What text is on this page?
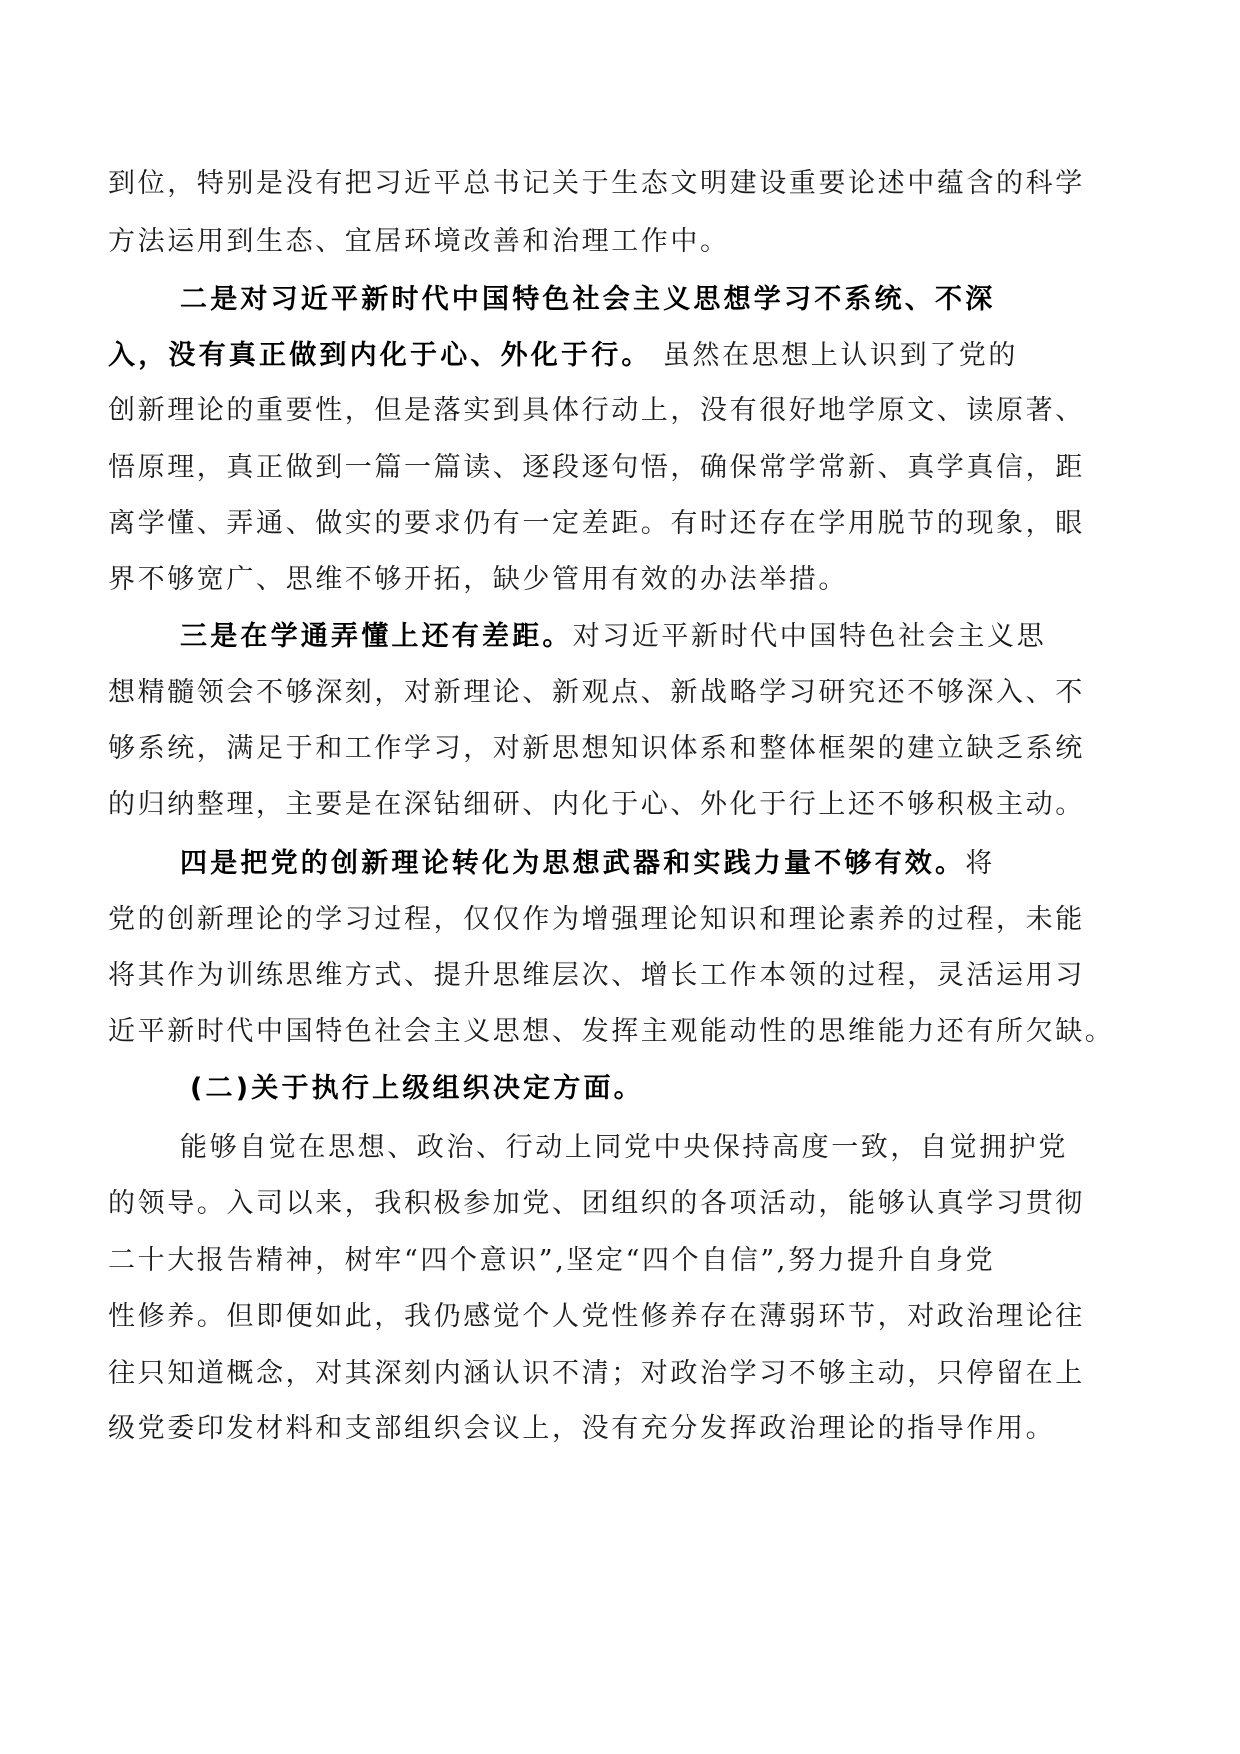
到位，特别是没有把习近平总书记关于生态文明建设重要论述中蕴含的科学
方法运用到生态、宜居环境改善和治理工作中。
二是对习近平新时代中国特色社会主义思想学习不系统、不深
入，没有真正做到内化于心、外化于行。 虽然在思想上认识到了党的
创新理论的重要性，但是落实到具体行动上，没有很好地学原文、读原著、
悟原理，真正做到一篇一篇读、逐段逐句悟，确保常学常新、真学真信，距
离学懂、弄通、做实的要求仍有一定差距。有时还存在学用脱节的现象，眼
界不够宽广、思维不够开拓，缺少管用有效的办法举措。
三是在学通弄懂上还有差距。对习近平新时代中国特色社会主义思
想精髓领会不够深刻，对新理论、新观点、新战略学习研究还不够深入、不
够系统，满足于和工作学习，对新思想知识体系和整体框架的建立缺乏系统
的归纳整理，主要是在深钻细研、内化于心、外化于行上还不够积极主动。
四是把党的创新理论转化为思想武器和实践力量不够有效。将
党的创新理论的学习过程，仅仅作为增强理论知识和理论素养的过程，未能
将其作为训练思维方式、提升思维层次、增长工作本领的过程，灵活运用习
近平新时代中国特色社会主义思想、发挥主观能动性的思维能力还有所欠缺。
(二)关于执行上级组织决定方面。
能够自觉在思想、政治、行动上同党中央保持高度一致，自觉拥护党
的领导。入司以来，我积极参加党、团组织的各项活动，能够认真学习贯彻
二十大报告精神，树牢“四个意识”,坚定“四个自信”,努力提升自身党
性修养。但即便如此，我仍感觉个人党性修养存在薄弱环节，对政治理论往
往只知道概念，对其深刻内涵认识不清；对政治学习不够主动，只停留在上
级党委印发材料和支部组织会议上，没有充分发挥政治理论的指导作用。
